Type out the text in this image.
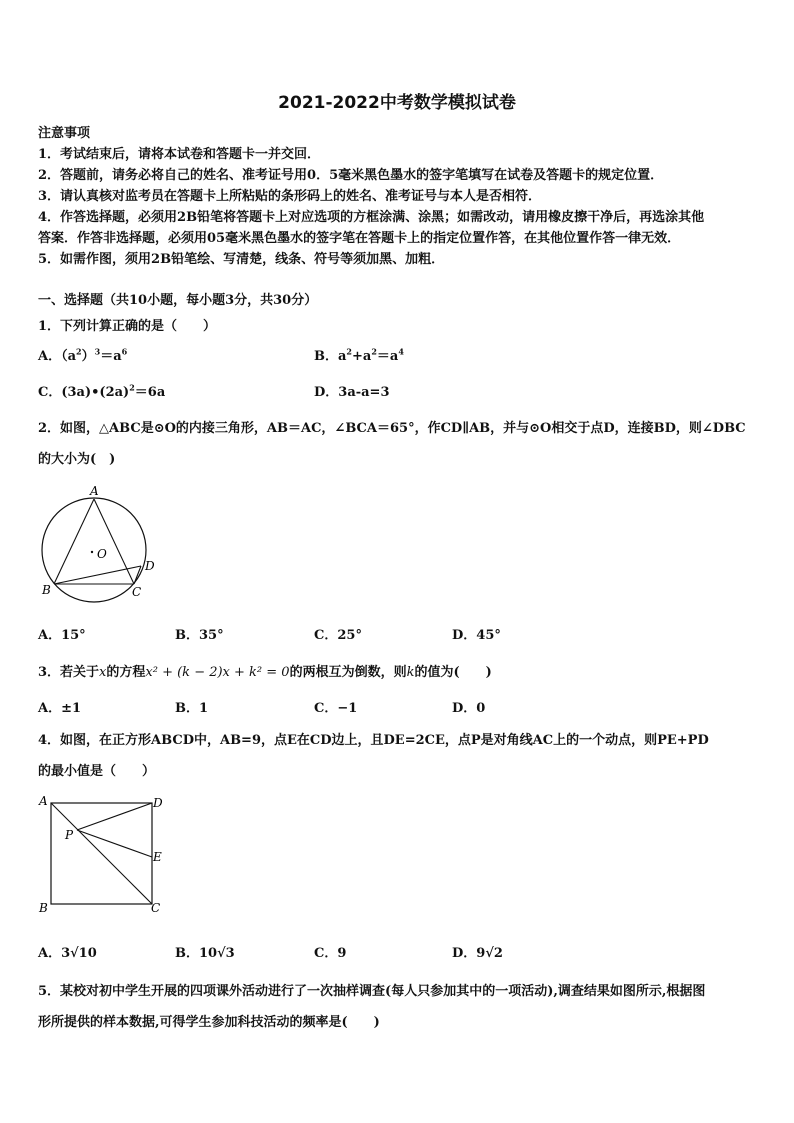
2021-2022中考数学模拟试卷
注意事项
1．考试结束后，请将本试卷和答题卡一并交回．
2．答题前，请务必将自己的姓名、准考证号用0．5毫米黑色墨水的签字笔填写在试卷及答题卡的规定位置．
3．请认真核对监考员在答题卡上所粘贴的条形码上的姓名、准考证号与本人是否相符．
4．作答选择题，必须用2B铅笔将答题卡上对应选项的方框涂满、涂黑；如需改动，请用橡皮擦干净后，再选涂其他
答案．作答非选择题，必须用05毫米黑色墨水的签字笔在答题卡上的指定位置作答，在其他位置作答一律无效．
5．如需作图，须用2B铅笔绘、写清楚，线条、符号等须加黑、加粗．
一、选择题（共10小题，每小题3分，共30分）
1．下列计算正确的是（　　）
A．$(a^2)^3=a^6$	B．$a^2+a^2=a^4$
C．$(3a)•(2a)^2=6a$	D．3a-a=3
2．如图，△ABC是⊙O的内接三角形，AB＝AC，∠BCA＝65°，作CD∥AB，并与⊙O相交于点D，连接BD，则∠DBC
的大小为(　)
A
B	C
D
O
A．15°	B．35°	C．25°	D．45°
3．若关于x的方程x² + (k − 2)x + k² = 0的两根互为倒数，则k的值为(　　)
A．±1	B．1	C．−1	D．0
4．如图，在正方形ABCD中，AB=9，点E在CD边上，且DE=2CE，点P是对角线AC上的一个动点，则PE+PD
的最小值是（　　）
A	D
E
B	C
P
A．3√10	B．10√3	C．9	D．9√2
5．某校对初中学生开展的四项课外活动进行了一次抽样调查(每人只参加其中的一项活动),调查结果如图所示,根据图
形所提供的样本数据,可得学生参加科技活动的频率是(　　)
